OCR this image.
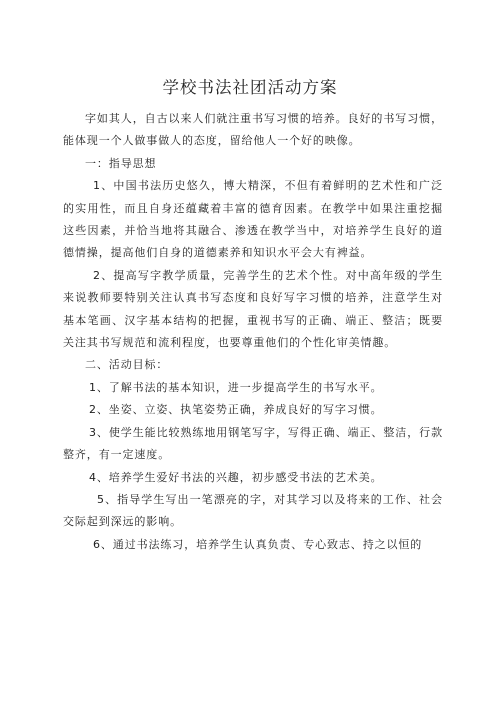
学校书法社团活动方案

字如其人，自古以来人们就注重书写习惯的培养。良好的书写习惯，能体现一个人做事做人的态度，留给他人一个好的映像。

一：指导思想

1、中国书法历史悠久，博大精深，不但有着鲜明的艺术性和广泛的实用性，而且自身还蕴藏着丰富的德育因素。在教学中如果注重挖掘这些因素，并恰当地将其融合、渗透在教学当中，对培养学生良好的道德情操，提高他们自身的道德素养和知识水平会大有裨益。

2、提高写字教学质量，完善学生的艺术个性。对中高年级的学生来说教师要特别关注认真书写态度和良好写字习惯的培养，注意学生对基本笔画、汉字基本结构的把握，重视书写的正确、端正、整洁；既要关注其书写规范和流利程度，也要尊重他们的个性化审美情趣。

二、活动目标：

1、了解书法的基本知识，进一步提高学生的书写水平。

2、坐姿、立姿、执笔姿势正确，养成良好的写字习惯。

3、使学生能比较熟练地用钢笔写字，写得正确、端正、整洁，行款整齐，有一定速度。

4、培养学生爱好书法的兴趣，初步感受书法的艺术美。

5、指导学生写出一笔漂亮的字，对其学习以及将来的工作、社会交际起到深远的影响。

6、通过书法练习，培养学生认真负责、专心致志、持之以恒的
